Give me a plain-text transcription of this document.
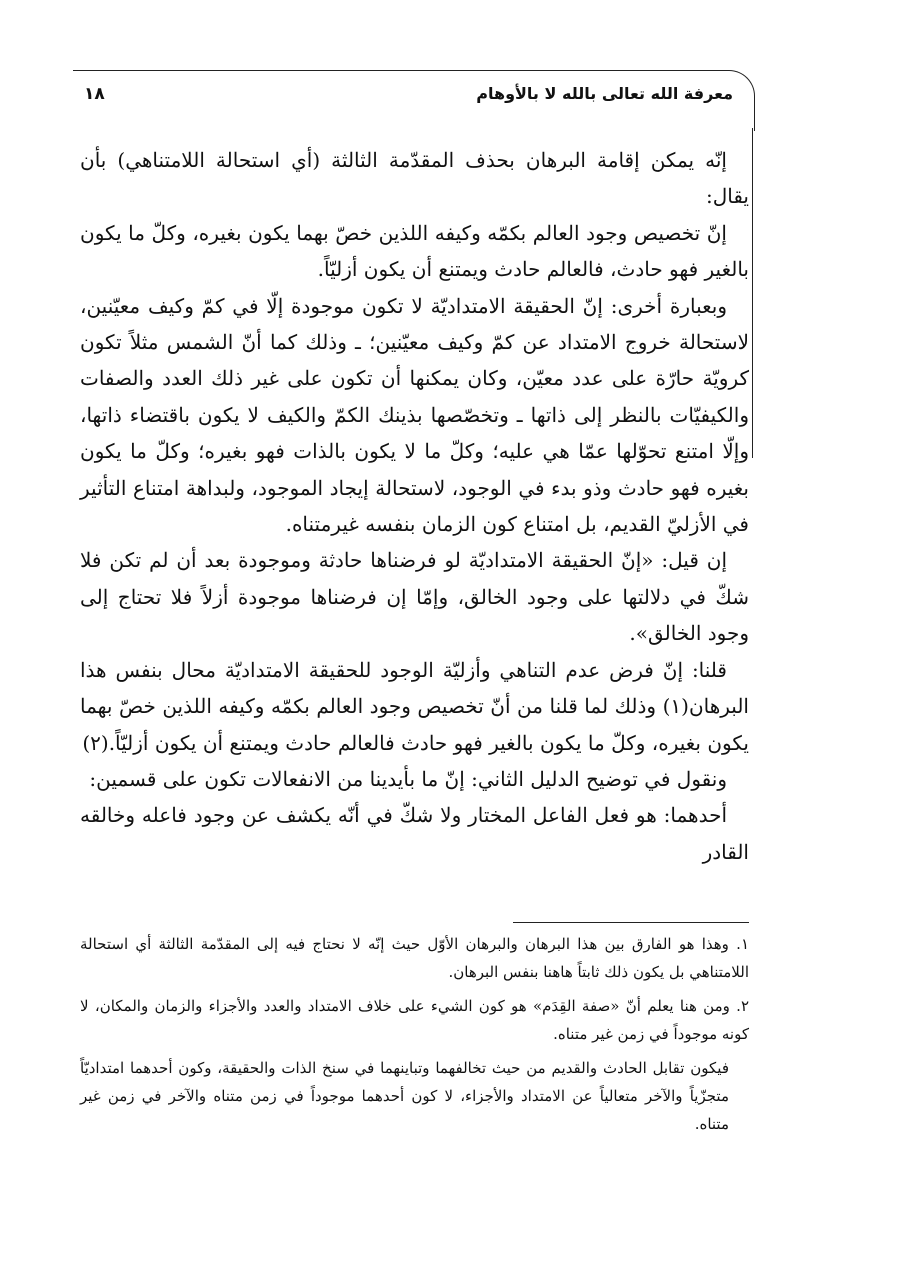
معرفة الله تعالى بالله لا بالأوهام
١٨

إنّه يمكن إقامة البرهان بحذف المقدّمة الثالثة (أي استحالة اللامتناهي) بأن يقال:

إنّ تخصيص وجود العالم بكمّه وكيفه اللذين خصّ بهما يكون بغيره، وكلّ ما يكون بالغير فهو حادث، فالعالم حادث ويمتنع أن يكون أزليّاً.

وبعبارة أخرى: إنّ الحقيقة الامتداديّة لا تكون موجودة إلّا في كمّ وكيف معيّنين، لاستحالة خروج الامتداد عن كمّ وكيف معيّنين؛ ـ وذلك كما أنّ الشمس مثلاً تكون كرويّة حارّة على عدد معيّن، وكان يمكنها أن تكون على غير ذلك العدد والصفات والكيفيّات بالنظر إلى ذاتها ـ وتخصّصها بذينك الكمّ والكيف لا يكون باقتضاء ذاتها، وإلّا امتنع تحوّلها عمّا هي عليه؛ وكلّ ما لا يكون بالذات فهو بغيره؛ وكلّ ما يكون بغيره فهو حادث وذو بدء في الوجود، لاستحالة إيجاد الموجود، ولبداهة امتناع التأثير في الأزليّ القديم، بل امتناع كون الزمان بنفسه غيرمتناه.

إن قيل: «إنّ الحقيقة الامتداديّة لو فرضناها حادثة وموجودة بعد أن لم تكن فلا شكّ في دلالتها على وجود الخالق، وإمّا إن فرضناها موجودة أزلاً فلا تحتاج إلى وجود الخالق».

قلنا: إنّ فرض عدم التناهي وأزليّة الوجود للحقيقة الامتداديّة محال بنفس هذا البرهان(١) وذلك لما قلنا من أنّ تخصيص وجود العالم بكمّه وكيفه اللذين خصّ بهما يكون بغيره، وكلّ ما يكون بالغير فهو حادث فالعالم حادث ويمتنع أن يكون أزليّاً.(٢)

ونقول في توضيح الدليل الثاني: إنّ ما بأيدينا من الانفعالات تكون على قسمين:

أحدهما: هو فعل الفاعل المختار ولا شكّ في أنّه يكشف عن وجود فاعله وخالقه القادر

١. وهذا هو الفارق بين هذا البرهان والبرهان الأوّل حيث إنّه لا نحتاج فيه إلى المقدّمة الثالثة أي استحالة اللامتناهي بل يكون ذلك ثابتاً هاهنا بنفس البرهان.

٢. ومن هنا يعلم أنّ «صفة القِدَم» هو كون الشيء على خلاف الامتداد والعدد والأجزاء والزمان والمكان، لا كونه موجوداً في زمن غير متناه.

فيكون تقابل الحادث والقديم من حيث تخالفهما وتباينهما في سنخ الذات والحقيقة، وكون أحدهما امتداديّاً متجزّياً والآخر متعالياً عن الامتداد والأجزاء، لا كون أحدهما موجوداً في زمن متناه والآخر في زمن غير متناه.
